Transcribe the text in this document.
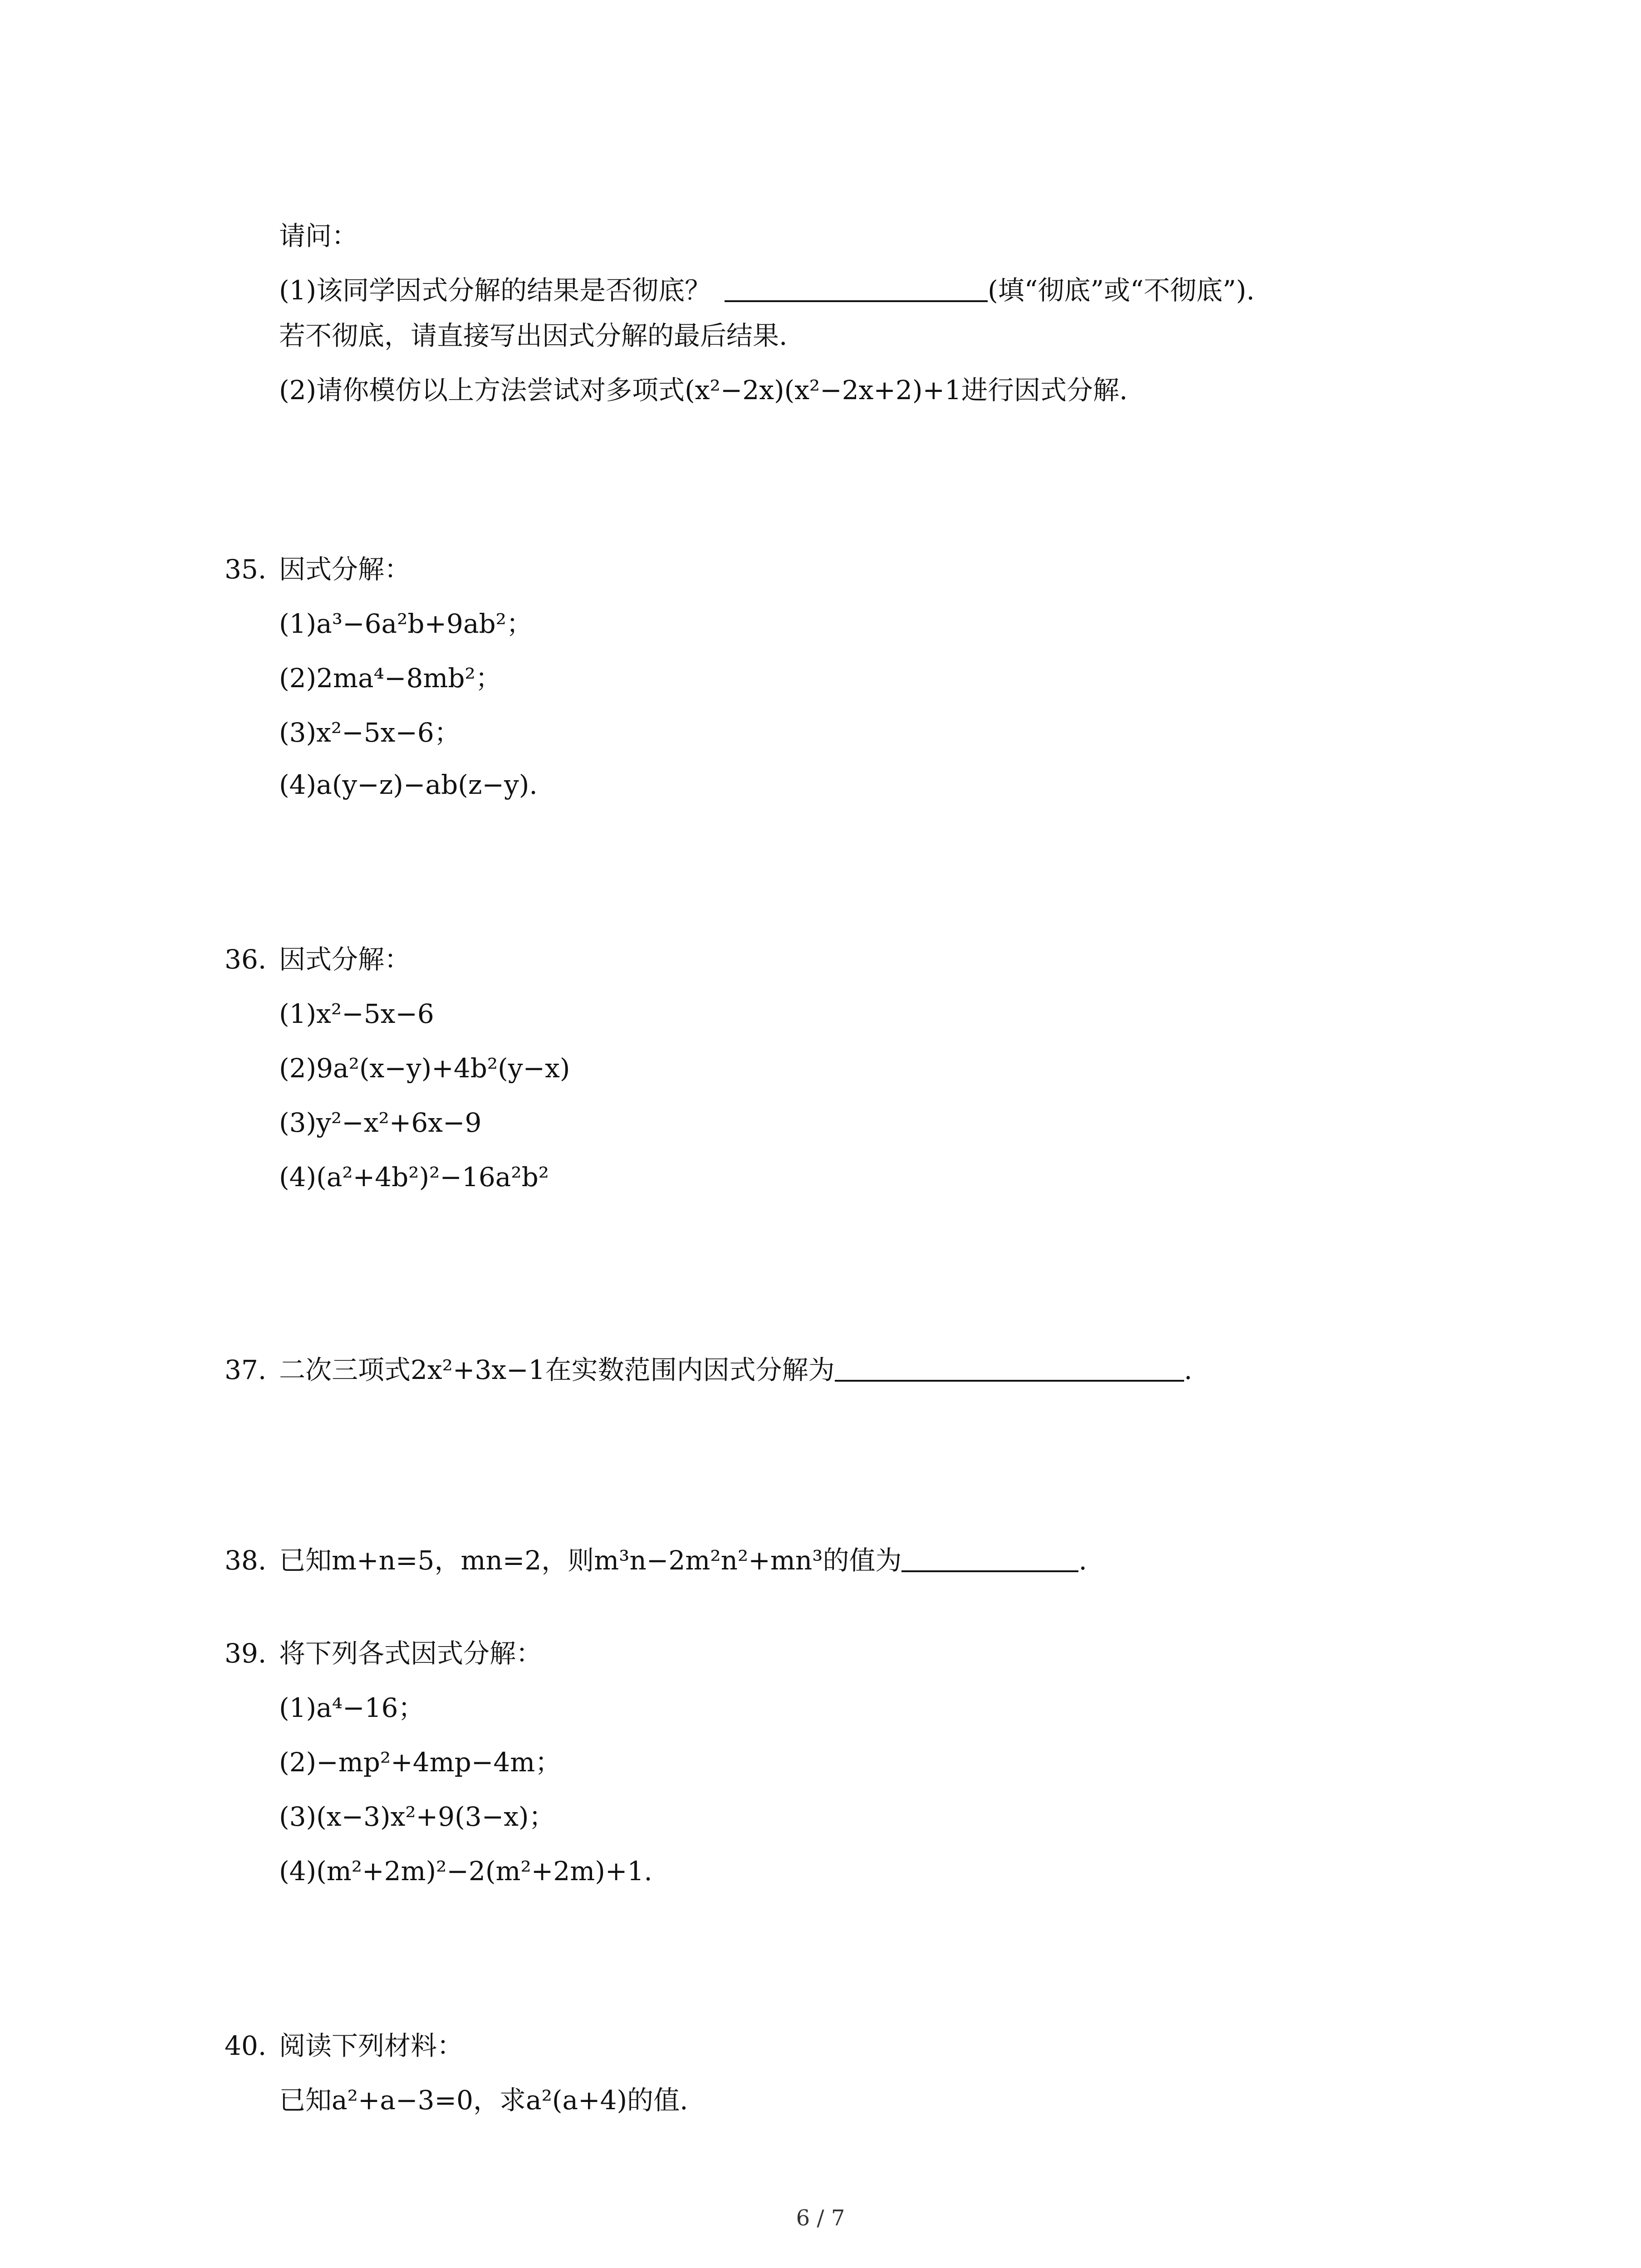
请问：
(1)该同学因式分解的结果是否彻底？	(填“彻底”或“不彻底”).
若不彻底，请直接写出因式分解的最后结果.
(2)请你模仿以上方法尝试对多项式(x²−2x)(x²−2x+2)+1进行因式分解.
35. 因式分解：
(1)a³−6a²b+9ab²；
(2)2ma⁴−8mb²；
(3)x²−5x−6；
(4)a(y−z)−ab(z−y).
36. 因式分解：
(1)x²−5x−6
(2)9a²(x−y)+4b²(y−x)
(3)y²−x²+6x−9
(4)(a²+4b²)²−16a²b²
37. 二次三项式2x²+3x−1在实数范围内因式分解为	.
38. 已知m+n=5，mn=2，则m³n−2m²n²+mn³的值为	.
39. 将下列各式因式分解：
(1)a⁴−16；
(2)−mp²+4mp−4m；
(3)(x−3)x²+9(3−x)；
(4)(m²+2m)²−2(m²+2m)+1.
40. 阅读下列材料：
已知a²+a−3=0，求a²(a+4)的值.
6 / 7
